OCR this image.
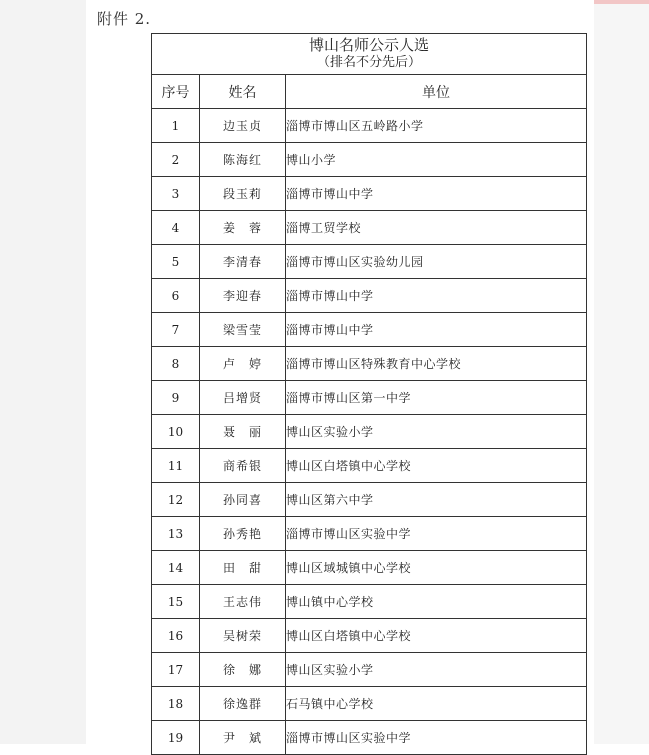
附件 2.
博山名师公示人选
（排名不分先后）		

序号	姓名	单位
1	边玉贞	淄博市博山区五岭路小学
2	陈海红	博山小学
3	段玉莉	淄博市博山中学
4	姜　蓉	淄博工贸学校
5	李清春	淄博市博山区实验幼儿园
6	李迎春	淄博市博山中学
7	梁雪莹	淄博市博山中学
8	卢　婷	淄博市博山区特殊教育中心学校
9	吕增贤	淄博市博山区第一中学
10	聂　丽	博山区实验小学
11	商希银	博山区白塔镇中心学校
12	孙同喜	博山区第六中学
13	孙秀艳	淄博市博山区实验中学
14	田　甜	博山区域城镇中心学校
15	王志伟	博山镇中心学校
16	吴树荣	博山区白塔镇中心学校
17	徐　娜	博山区实验小学
18	徐逸群	石马镇中心学校
19	尹　斌	淄博市博山区实验中学
